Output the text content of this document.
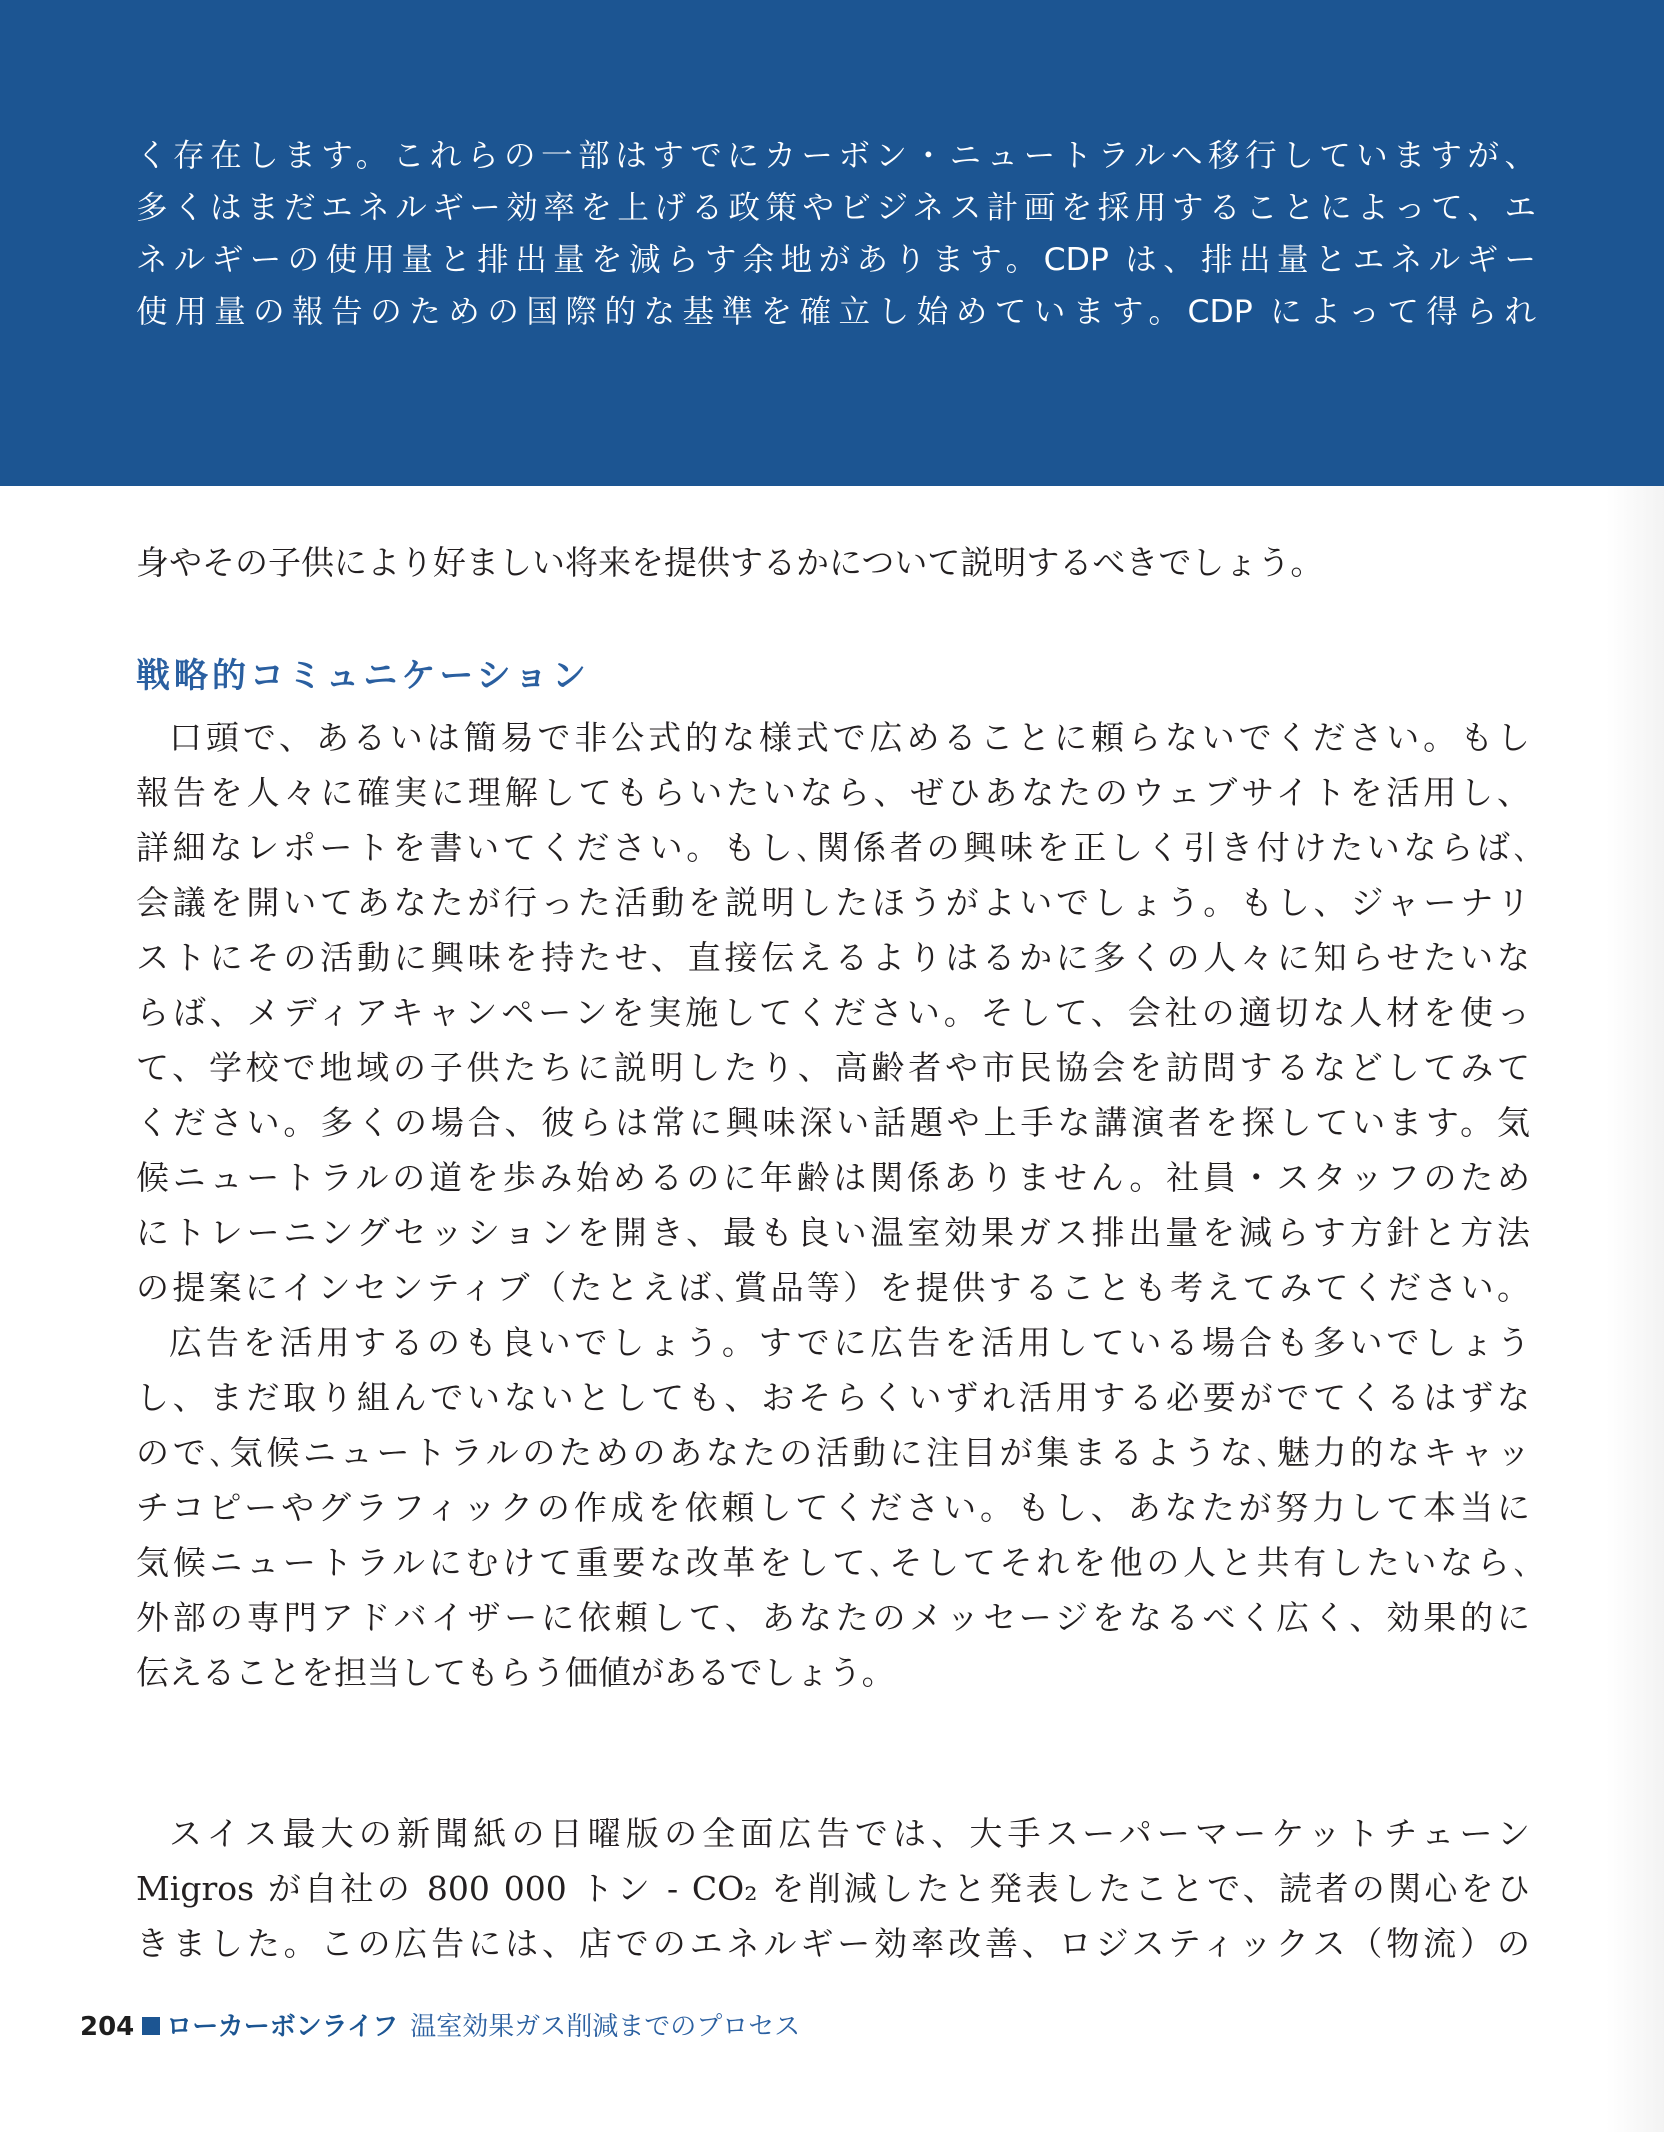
く存在します。これらの一部はすでにカーボン・ニュートラルへ移行していますが、
多くはまだエネルギー効率を上げる政策やビジネス計画を採用することによって、エ
ネルギーの使用量と排出量を減らす余地があります。CDP は、排出量とエネルギー
使用量の報告のための国際的な基準を確立し始めています。CDP によって得られ
身やその子供により好ましい将来を提供するかについて説明するべきでしょう。
戦略的コミュニケーション
口頭で、あるいは簡易で非公式的な様式で広めることに頼らないでください。もし
報告を人々に確実に理解してもらいたいなら、ぜひあなたのウェブサイトを活用し、
詳細なレポートを書いてください。もし､関係者の興味を正しく引き付けたいならば､
会議を開いてあなたが行った活動を説明したほうがよいでしょう。もし、ジャーナリ
ストにその活動に興味を持たせ、直接伝えるよりはるかに多くの人々に知らせたいな
らば、メディアキャンペーンを実施してください。そして、会社の適切な人材を使っ
て、学校で地域の子供たちに説明したり、高齢者や市民協会を訪問するなどしてみて
ください。多くの場合、彼らは常に興味深い話題や上手な講演者を探しています。気
候ニュートラルの道を歩み始めるのに年齢は関係ありません。社員・スタッフのため
にトレーニングセッションを開き、最も良い温室効果ガス排出量を減らす方針と方法
の提案にインセンティブ（たとえば､賞品等）を提供することも考えてみてください。
広告を活用するのも良いでしょう。すでに広告を活用している場合も多いでしょう
し、まだ取り組んでいないとしても、おそらくいずれ活用する必要がでてくるはずな
ので､気候ニュートラルのためのあなたの活動に注目が集まるような､魅力的なキャッ
チコピーやグラフィックの作成を依頼してください。もし、あなたが努力して本当に
気候ニュートラルにむけて重要な改革をして､そしてそれを他の人と共有したいなら､
外部の専門アドバイザーに依頼して、あなたのメッセージをなるべく広く、効果的に
伝えることを担当してもらう価値があるでしょう。
スイス最大の新聞紙の日曜版の全面広告では、大手スーパーマーケットチェーン
Migros が自社の 800 000 トン - CO₂ を削減したと発表したことで、読者の関心をひ
きました。この広告には、店でのエネルギー効率改善、ロジスティックス（物流）の
204 ローカーボンライフ 温室効果ガス削減までのプロセス
